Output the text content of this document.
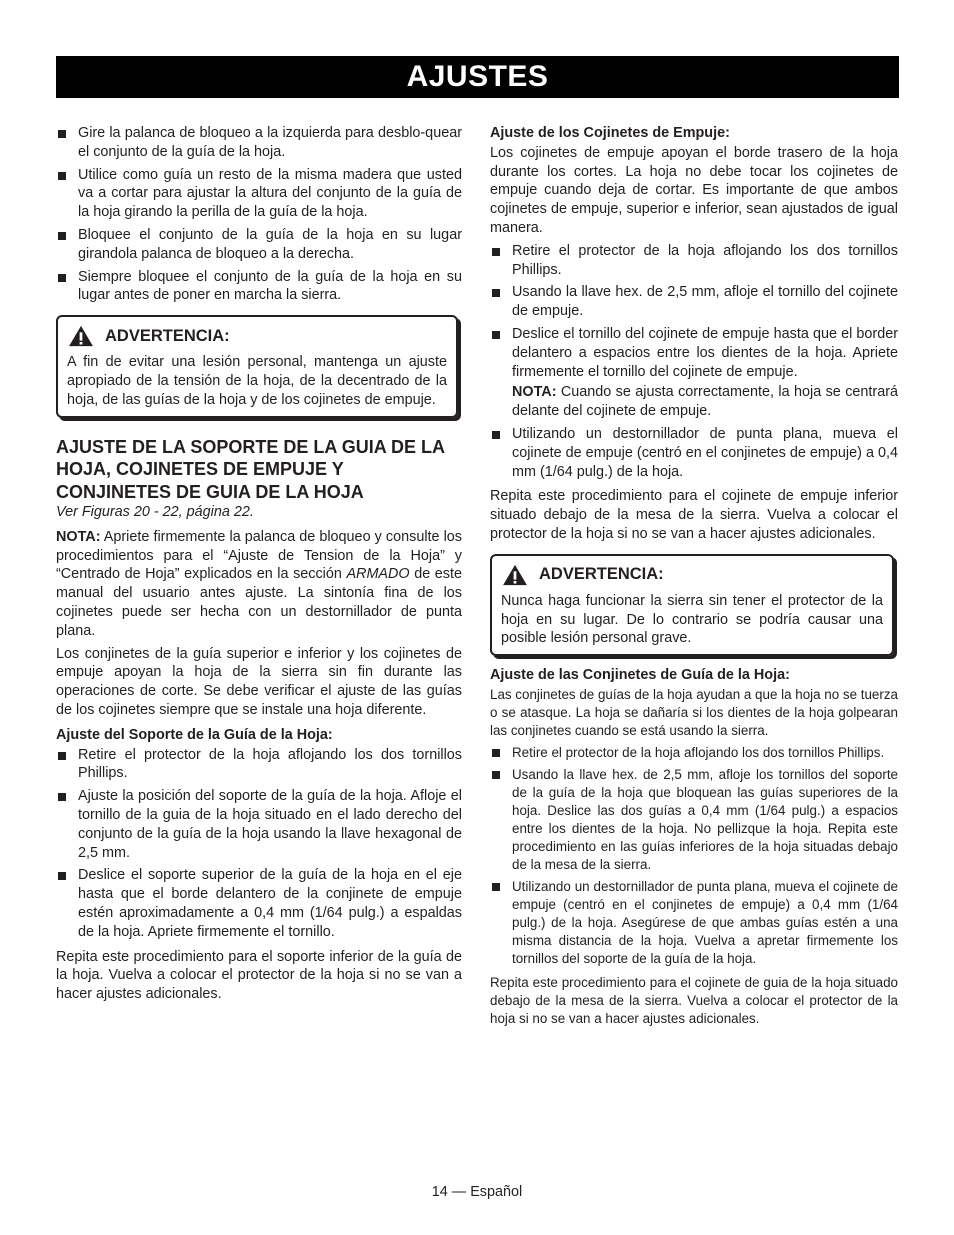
AJUSTES
Gire la palanca de bloqueo a la izquierda para desblo-quear el conjunto de la guía de la hoja.
Utilice como guía un resto de la misma madera que usted va a cortar para ajustar la altura del conjunto de la guía de la hoja girando la perilla de la guía de la hoja.
Bloquee el conjunto de la guía de la hoja en su lugar girandola palanca de bloqueo a la derecha.
Siempre bloquee el conjunto de la guía de la hoja en su lugar antes de poner en marcha la sierra.
ADVERTENCIA:

A fin de evitar una lesión personal, mantenga un ajuste apropiado de la tensión de la hoja, de la decentrado de la hoja, de las guías de la hoja y de los cojinetes de empuje.

AJUSTE DE LA SOPORTE DE LA GUIA DE LA HOJA, COJINETES DE EMPUJE Y CONJINETES DE GUIA DE LA HOJA
Ver Figuras 20 - 22, página 22.

NOTA: Apriete firmemente la palanca de bloqueo y consulte los procedimientos para el “Ajuste de Tension de la Hoja” y “Centrado de Hoja” explicados en la sección ARMADO de este manual del usuario antes ajuste. La sintonía fina de los cojinetes puede ser hecha con un destornillador de punta plana.

Los conjinetes de la guía superior e inferior y los cojinetes de empuje apoyan la hoja de la sierra sin fin durante las operaciones de corte. Se debe verificar el ajuste de las guías de los cojinetes siempre que se instale una hoja diferente.

Ajuste del Soporte de la Guía de la Hoja:
Retire el protector de la hoja aflojando los dos tornillos Phillips.
Ajuste la posición del soporte de la guía de la hoja. Afloje el tornillo de la guia de la hoja situado en el lado derecho del conjunto de la guía de la hoja usando la llave hexagonal de 2,5 mm.
Deslice el soporte superior de la guía de la hoja en el eje hasta que el borde delantero de la conjinete de empuje estén aproximadamente a 0,4 mm (1/64 pulg.) a espaldas de la hoja. Apriete firmemente el tornillo.

Repita este procedimiento para el soporte inferior de la guía de la hoja. Vuelva a colocar el protector de la hoja si no se van a hacer ajustes adicionales.

Ajuste de los Cojinetes de Empuje:

Los cojinetes de empuje apoyan el borde trasero de la hoja durante los cortes. La hoja no debe tocar los cojinetes de empuje cuando deja de cortar. Es importante de que ambos cojinetes de empuje, superior e inferior, sean ajustados de igual manera.

Retire el protector de la hoja aflojando los dos tornillos Phillips.
Usando la llave hex. de 2,5 mm, afloje el tornillo del cojinete de empuje.
Deslice el tornillo del cojinete de empuje hasta que el border delantero a espacios entre los dientes de la hoja. Apriete firmemente el tornillo del cojinete de empuje.
NOTA: Cuando se ajusta correctamente, la hoja se centrará delante del cojinete de empuje.
Utilizando un destornillador de punta plana, mueva el cojinete de empuje (centró en el conjinetes de empuje) a 0,4 mm (1/64 pulg.) de la hoja.

Repita este procedimiento para el cojinete de empuje inferior situado debajo de la mesa de la sierra. Vuelva a colocar el protector de la hoja si no se van a hacer ajustes adicionales.

ADVERTENCIA:

Nunca haga funcionar la sierra sin tener el protector de la hoja en su lugar. De lo contrario se podría causar una posible lesión personal grave.

Ajuste de las Conjinetes de Guía de la Hoja:

Las conjinetes de guías de la hoja ayudan a que la hoja no se tuerza o se atasque. La hoja se dañaría si los dientes de la hoja golpearan las conjinetes cuando se está usando la sierra.

Retire el protector de la hoja aflojando los dos tornillos Phillips.
Usando la llave hex. de 2,5 mm, afloje los tornillos del soporte de la guía de la hoja que bloquean las guías superiores de la hoja. Deslice las dos guías a 0,4 mm (1/64 pulg.) a espacios entre los dientes de la hoja. No pellizque la hoja. Repita este procedimiento en las guías inferiores de la hoja situadas debajo de la mesa de la sierra.
Utilizando un destornillador de punta plana, mueva el cojinete de empuje (centró en el conjinetes de empuje) a 0,4 mm (1/64 pulg.) de la hoja. Asegúrese de que ambas guías estén a una misma distancia de la hoja. Vuelva a apretar firmemente los tornillos del soporte de la guía de la hoja.

Repita este procedimiento para el cojinete de guia de la hoja situado debajo de la mesa de la sierra. Vuelva a colocar el protector de la hoja si no se van a hacer ajustes adicionales.

14 — Español
